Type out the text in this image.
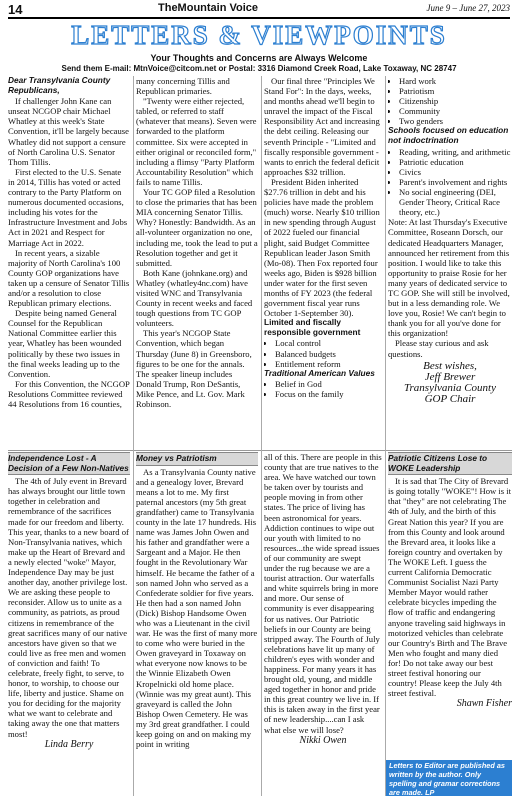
14	TheMountain Voice	June 9 – June 27, 2023
LETTERS & VIEWPOINTS
Your Thoughts and Concerns are Always Welcome
Send them E-mail: MtnVoice@citcom.net or Postal: 3316 Diamond Creek Road, Lake Toxaway, NC 28747
Dear Transylvania County Republicans,

If challenger John Kane can unseat NCGOP chair Michael Whatley at this week's State Convention, it'll be largely because Whatley did not support a censure of North Carolina U.S. Senator Thom Tillis.

First elected to the U.S. Senate in 2014, Tillis has voted or acted contrary to the Party Platform on numerous documented occasions, including his votes for the Infrastructure Investment and Jobs Act in 2021 and Respect for Marriage Act in 2022.

In recent years, a sizable majority of North Carolina's 100 County GOP organizations have taken up a censure of Senator Tillis and/or a resolution to close Republican primary elections.

Despite being named General Counsel for the Republican National Committee earlier this year, Whatley has been wounded politically by these two issues in the final weeks leading up to the Convention.

For this Convention, the NCGOP Resolutions Committee reviewed 44 Resolutions from 16 counties,

many concerning Tillis and Republican primaries.

"Twenty were either rejected, tabled, or referred to staff (whatever that means). Seven were forwarded to the platform committee. Six were accepted in either original or reconciled form," including a flimsy "Party Platform Accountability Resolution" which fails to name Tillis.

Your TC GOP filed a Resolution to close the primaries that has been MIA concerning Senator Tillis. Why? Honestly: Bandwidth. As an all-volunteer organization no one, including me, took the lead to put a Resolution together and get it submitted.

Both Kane (johnkane.org) and Whatley (whatley4nc.com) have visited WNC and Transylvania County in recent weeks and faced tough questions from TC GOP volunteers.

This year's NCGOP State Convention, which began Thursday (June 8) in Greensboro, figures to be one for the annals. The speaker lineup includes Donald Trump, Ron DeSantis, Mike Pence, and Lt. Gov. Mark Robinson.

Our final three "Principles We Stand For": In the days, weeks, and months ahead we'll begin to unravel the impact of the Fiscal Responsibility Act and increasing the debt ceiling. Releasing our seventh Principle - "Limited and fiscally responsible government - wants to enrich the federal deficit approaches $32 trillion.

President Biden inherited $27.76 trillion in debt and his policies have made the problem (much) worse. Nearly $10 trillion in new spending through August of 2022 fueled our financial plight, said Budget Committee Republican leader Jason Smith (Mo-08). Then Fox reported four weeks ago, Biden is $928 billion under water for the first seven months of FY 2023 (the federal government fiscal year runs October 1-September 30).

Limited and fiscally responsible government
• Local control
• Balanced budgets
• Entitlement reform
Traditional American Values
• Belief in God
• Focus on the family
• Hard work
• Patriotism
• Citizenship
• Community
• Two genders
Schools focused on education not indoctrination
• Reading, writing, and arithmetic
• Patriotic education
• Civics
• Parent's involvement and rights
• No social engineering (DEI, Gender Theory, Critical Race theory, etc.)

Note: At last Thursday's Executive Committee, Roseann Dorsch, our dedicated Headquarters Manager, announced her retirement from this position. I would like to take this opportunity to praise Rosie for her many years of dedicated service to TC GOP. She will still be involved, but in a less demanding role. We love you, Rosie! We can't begin to thank you for all you've done for this organization!

Please stay curious and ask questions.

Best wishes,
Jeff Brewer
Transylvania County
GOP Chair
Independence Lost - A Decision of a Few Non-Natives

The 4th of July event in Brevard has always brought our little town together in celebration and remembrance of the sacrifices made for our freedom and liberty. This year, thanks to a new board of Non-Transylvania natives, which make up the Heart of Brevard and a newly elected "woke" Mayor, Independence Day may be just another day, another privilege lost. We are asking these people to reconsider. Allow us to unite as a community, as patriots, as proud citizens in remembrance of the great sacrifices many of our native ancestors have given so that we could live as free men and women of conviction and faith! To celebrate, freely fight, to serve, to honor, to worship, to choose our life, liberty and justice. Shame on you for deciding for the majority what we want to celebrate and taking away the one that matters most!

Linda Berry
Money vs Patriotism

As a Transylvania County native and a genealogy lover, Brevard means a lot to me. My first paternal ancestors (my 5th great grandfather) came to Transylvania county in the late 17 hundreds. His name was James John Owen and his father and grandfather were a Sargeant and a Major. He then fought in the Revolutionary War himself. He became the father of a son named John who served as a Confederate soldier for five years. He then had a son named John (Dick) Bishop Handsome Owen who was a Lieutenant in the civil war. He was the first of many more to come who were buried in the Owen graveyard in Toxaway on what everyone now knows to be the Winnie Elizabeth Owen Kropelnicki old home place. (Winnie was my great aunt). This graveyard is called the John Bishop Owen Cemetery. He was my 3rd great grandfather. I could keep going on and on making my point in writing

all of this. There are people in this county that are true natives to the area. We have watched our town be taken over by tourists and people moving in from other states. The price of living has been astronomical for years. Addiction continues to wipe out our youth with limited to no resources...the wide spread issues of our community are swept under the rug because we are a tourist attraction. Our waterfalls and white squirrels bring in more and more. Our sense of community is ever disappearing for us natives. Our Patriotic beliefs in our County are being stripped away. The Fourth of July celebrations have lit up many of children's eyes with wonder and happiness. For many years it has brought old, young, and middle aged together in honor and pride in this great country we live in. If this is taken away in the first year of new leadership....can I ask what else we will lose?

Nikki Owen
Patriotic Citizens Lose to WOKE Leadership

It is sad that The City of Brevard is going totally "WOKE"! How is it that "they" are not celebrating The 4th of July, and the birth of this Great Nation this year? If you are from this County and look around the Brevard area, it looks like a foreign country and overtaken by The WOKE Left. I guess the current California Democratic Communist Socialist Nazi Party Member Mayor would rather celebrate bicycles impeding the flow of traffic and endangering anyone traveling said highways in motorized vehicles than celebrate our Country's Birth and The Brave Men who fought and many died for! Do not take away our best street festival honoring our country! Please keep the July 4th street festival.

Shawn Fisher
Letters to Editor are published as written by the author. Only spelling and gramar corrections are made. LP
